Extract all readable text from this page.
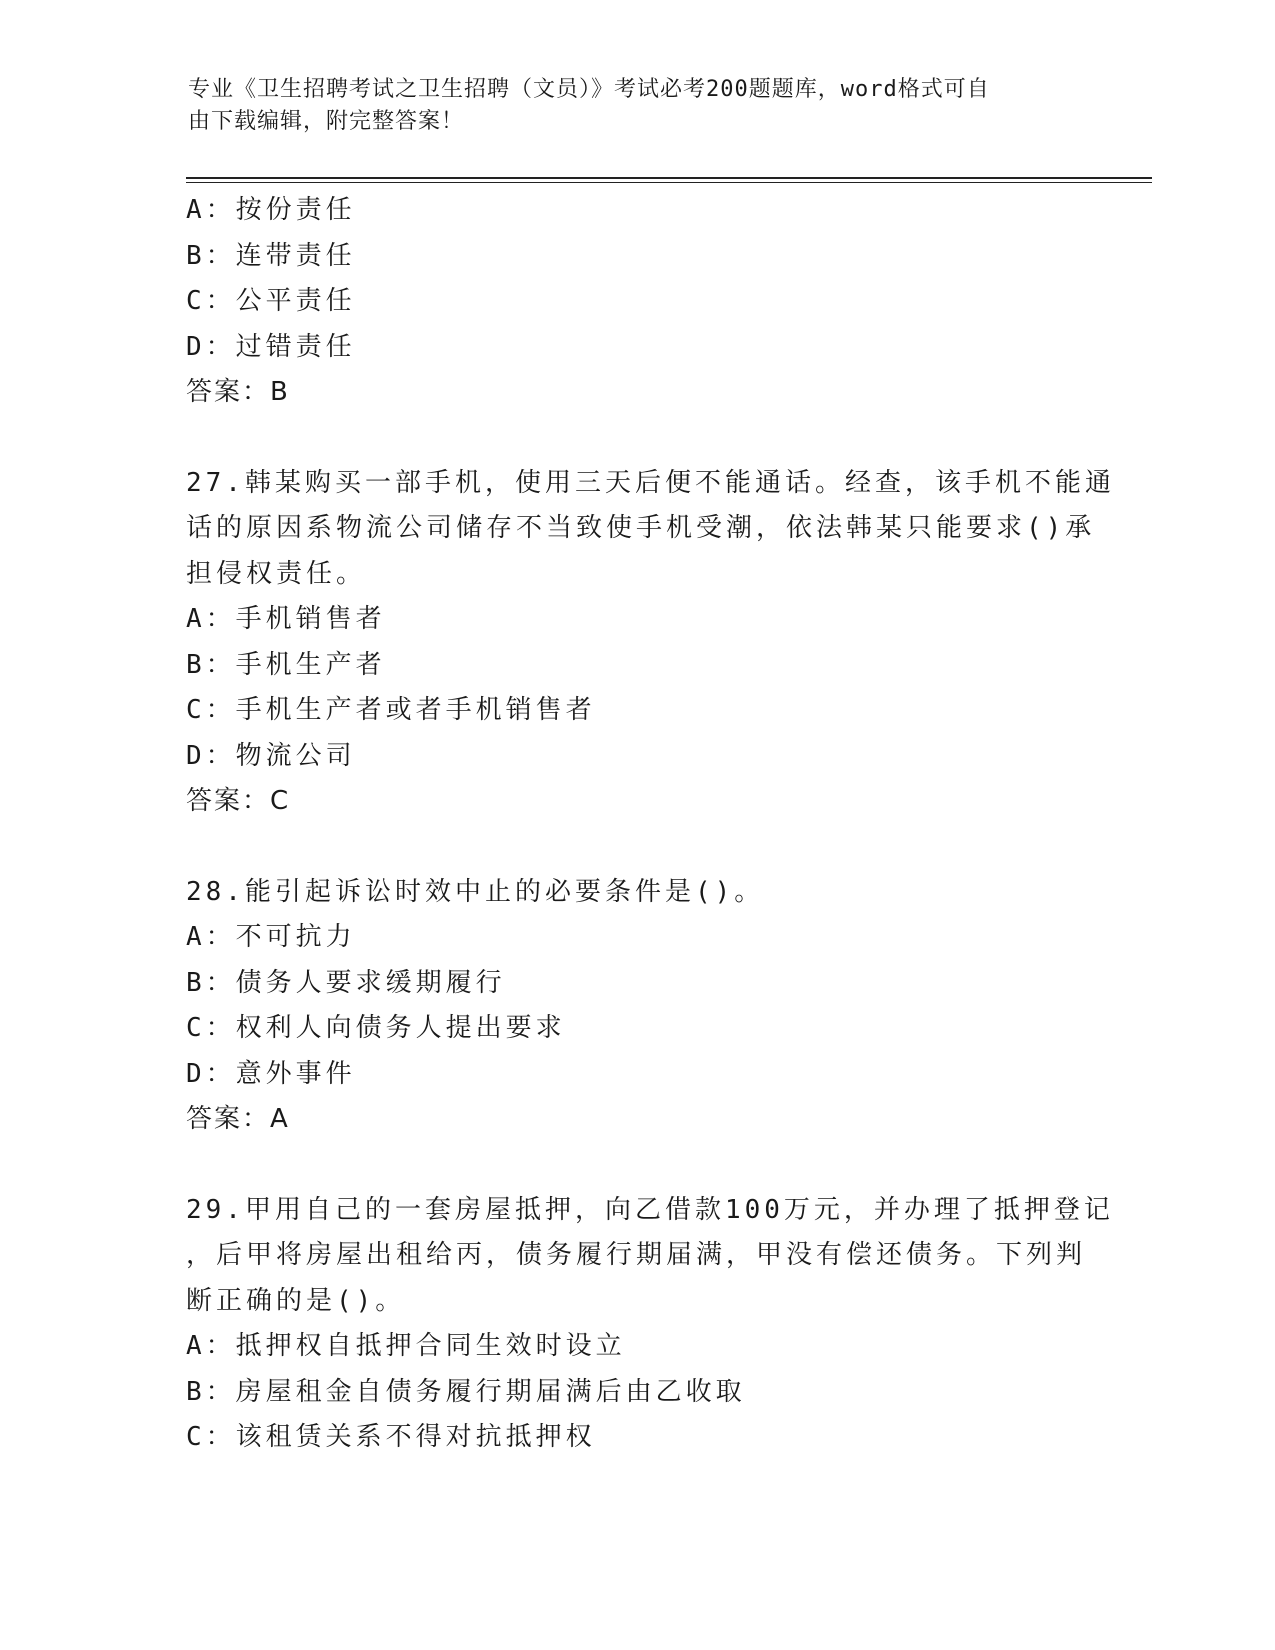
专业《卫生招聘考试之卫生招聘（文员）》考试必考200题题库，word格式可自
由下载编辑，附完整答案！
A：按份责任
B：连带责任
C：公平责任
D：过错责任
答案：B
27.韩某购买一部手机，使用三天后便不能通话。经查，该手机不能通
话的原因系物流公司储存不当致使手机受潮，依法韩某只能要求()承
担侵权责任。
A：手机销售者
B：手机生产者
C：手机生产者或者手机销售者
D：物流公司
答案：C
28.能引起诉讼时效中止的必要条件是()。
A：不可抗力
B：债务人要求缓期履行
C：权利人向债务人提出要求
D：意外事件
答案：A
29.甲用自己的一套房屋抵押，向乙借款100万元，并办理了抵押登记
，后甲将房屋出租给丙，债务履行期届满，甲没有偿还债务。下列判
断正确的是()。
A：抵押权自抵押合同生效时设立
B：房屋租金自债务履行期届满后由乙收取
C：该租赁关系不得对抗抵押权
